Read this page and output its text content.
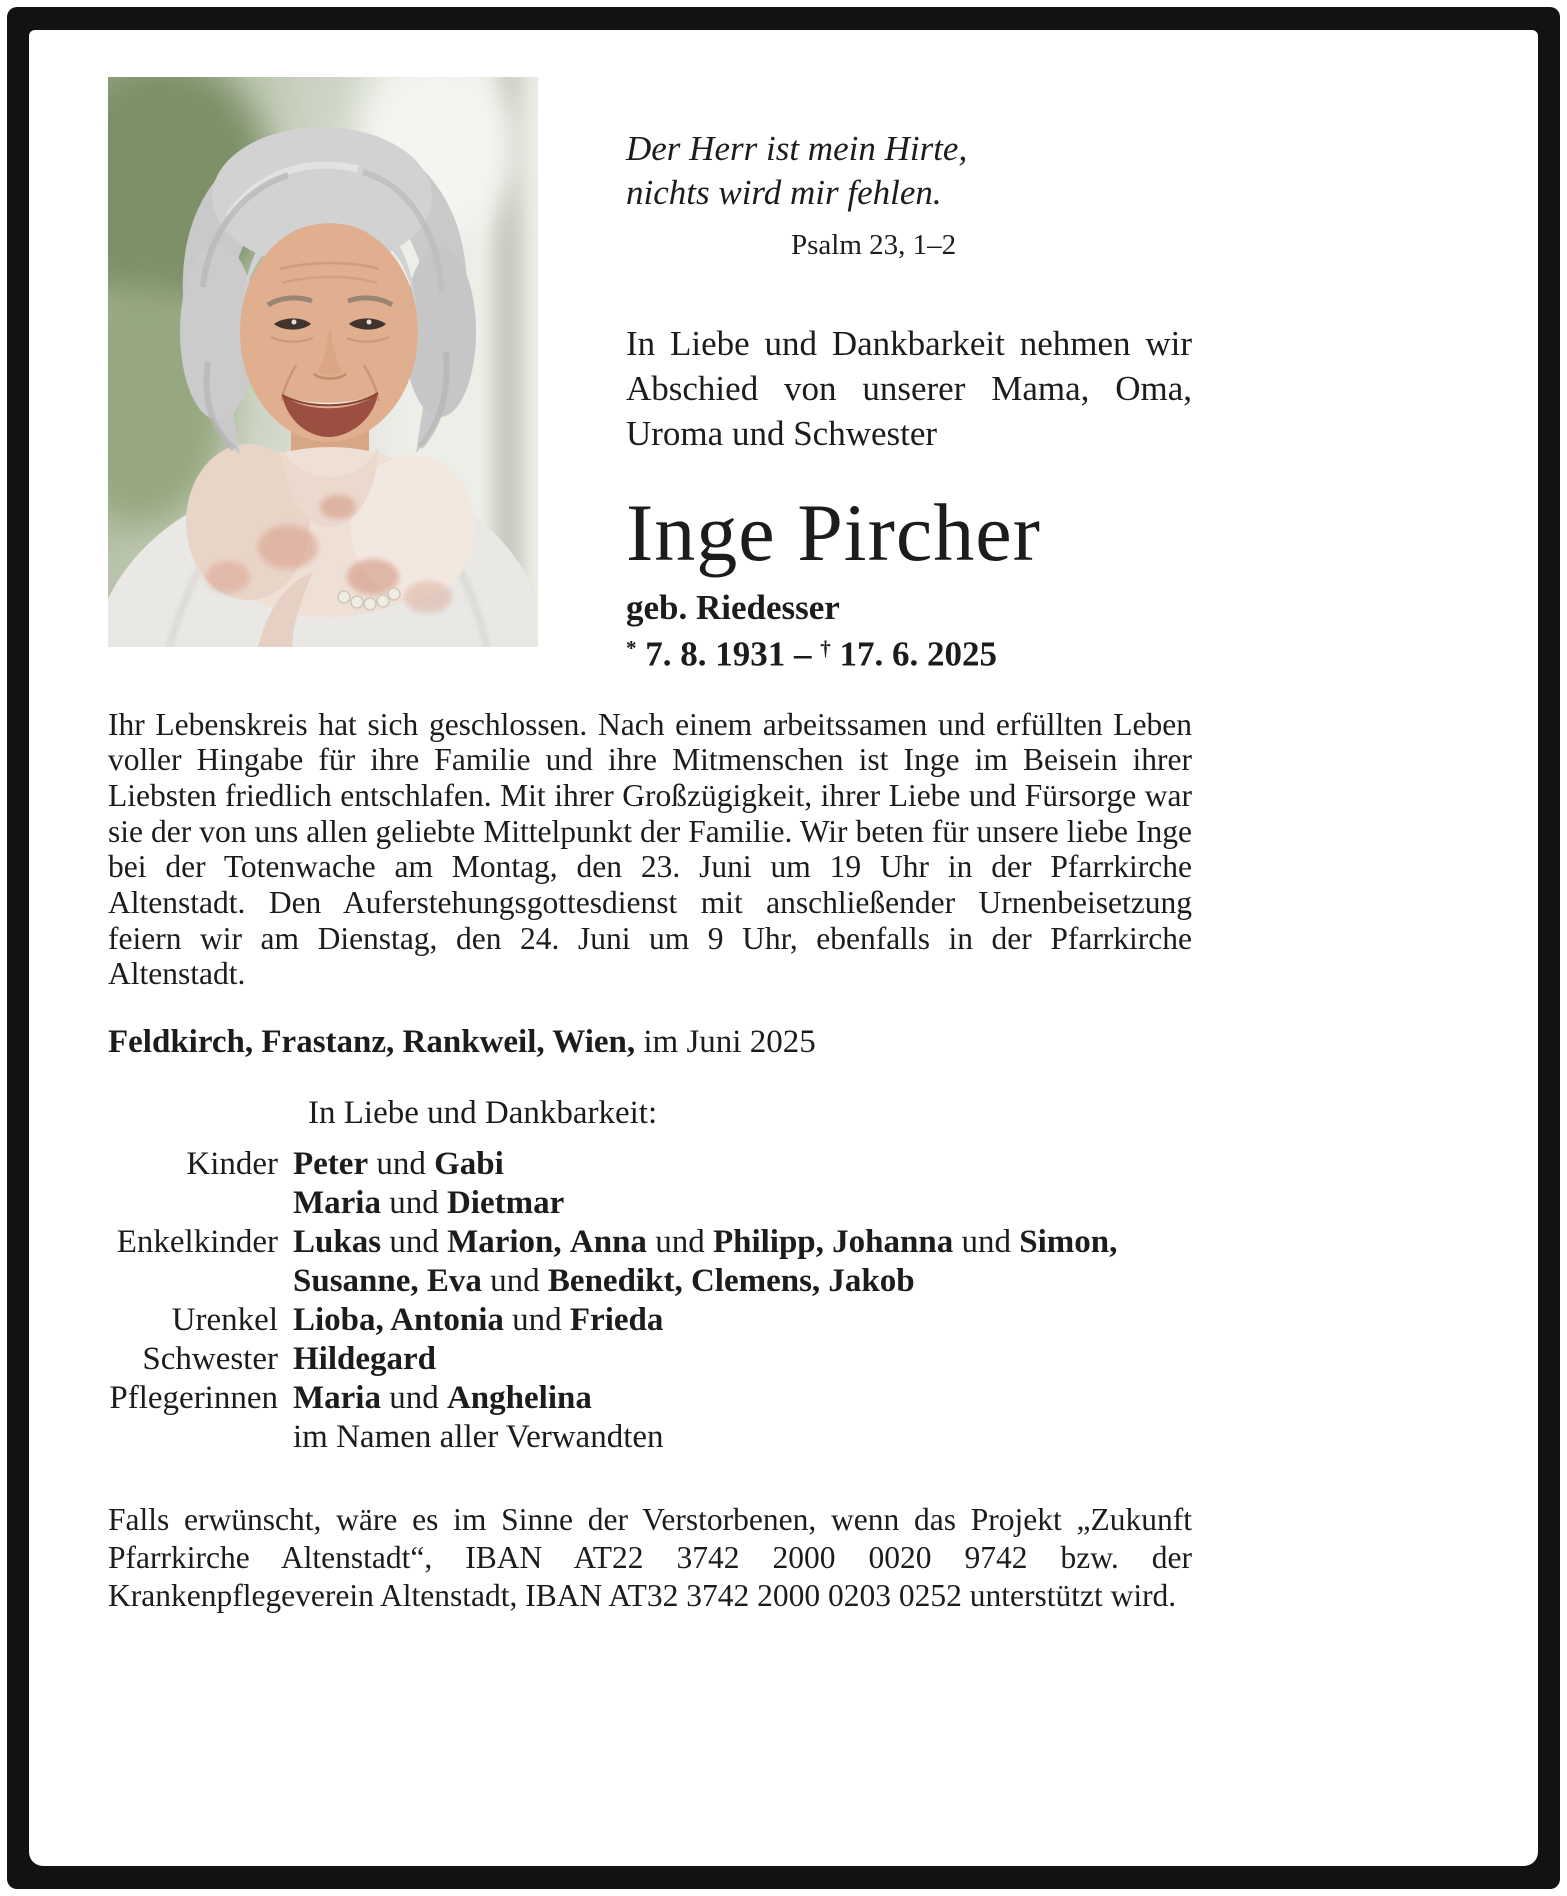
Der Herr ist mein Hirte,
nichts wird mir fehlen.
Psalm 23, 1–2

In Liebe und Dankbarkeit nehmen wir Abschied von unserer Mama, Oma, Uroma und Schwester

Inge Pircher
geb. Riedesser
* 7. 8. 1931 – † 17. 6. 2025

Ihr Lebenskreis hat sich geschlossen. Nach einem arbeitssamen und erfüllten Leben voller Hingabe für ihre Familie und ihre Mitmenschen ist Inge im Beisein ihrer Liebsten friedlich entschlafen. Mit ihrer Großzügigkeit, ihrer Liebe und Fürsorge war sie der von uns allen geliebte Mittelpunkt der Familie. Wir beten für unsere liebe Inge bei der Totenwache am Montag, den 23. Juni um 19 Uhr in der Pfarrkirche Altenstadt. Den Auferstehungsgottesdienst mit anschließender Urnenbeisetzung feiern wir am Dienstag, den 24. Juni um 9 Uhr, ebenfalls in der Pfarrkirche Altenstadt.

Feldkirch, Frastanz, Rankweil, Wien, im Juni 2025

In Liebe und Dankbarkeit:
Kinder Peter und Gabi
Maria und Dietmar
Enkelkinder Lukas und Marion, Anna und Philipp, Johanna und Simon,
Susanne, Eva und Benedikt, Clemens, Jakob
Urenkel Lioba, Antonia und Frieda
Schwester Hildegard
Pflegerinnen Maria und Anghelina
im Namen aller Verwandten

Falls erwünscht, wäre es im Sinne der Verstorbenen, wenn das Projekt „Zukunft Pfarrkirche Altenstadt“, IBAN AT22 3742 2000 0020 9742 bzw. der Krankenpflegeverein Altenstadt, IBAN AT32 3742 2000 0203 0252 unterstützt wird.
